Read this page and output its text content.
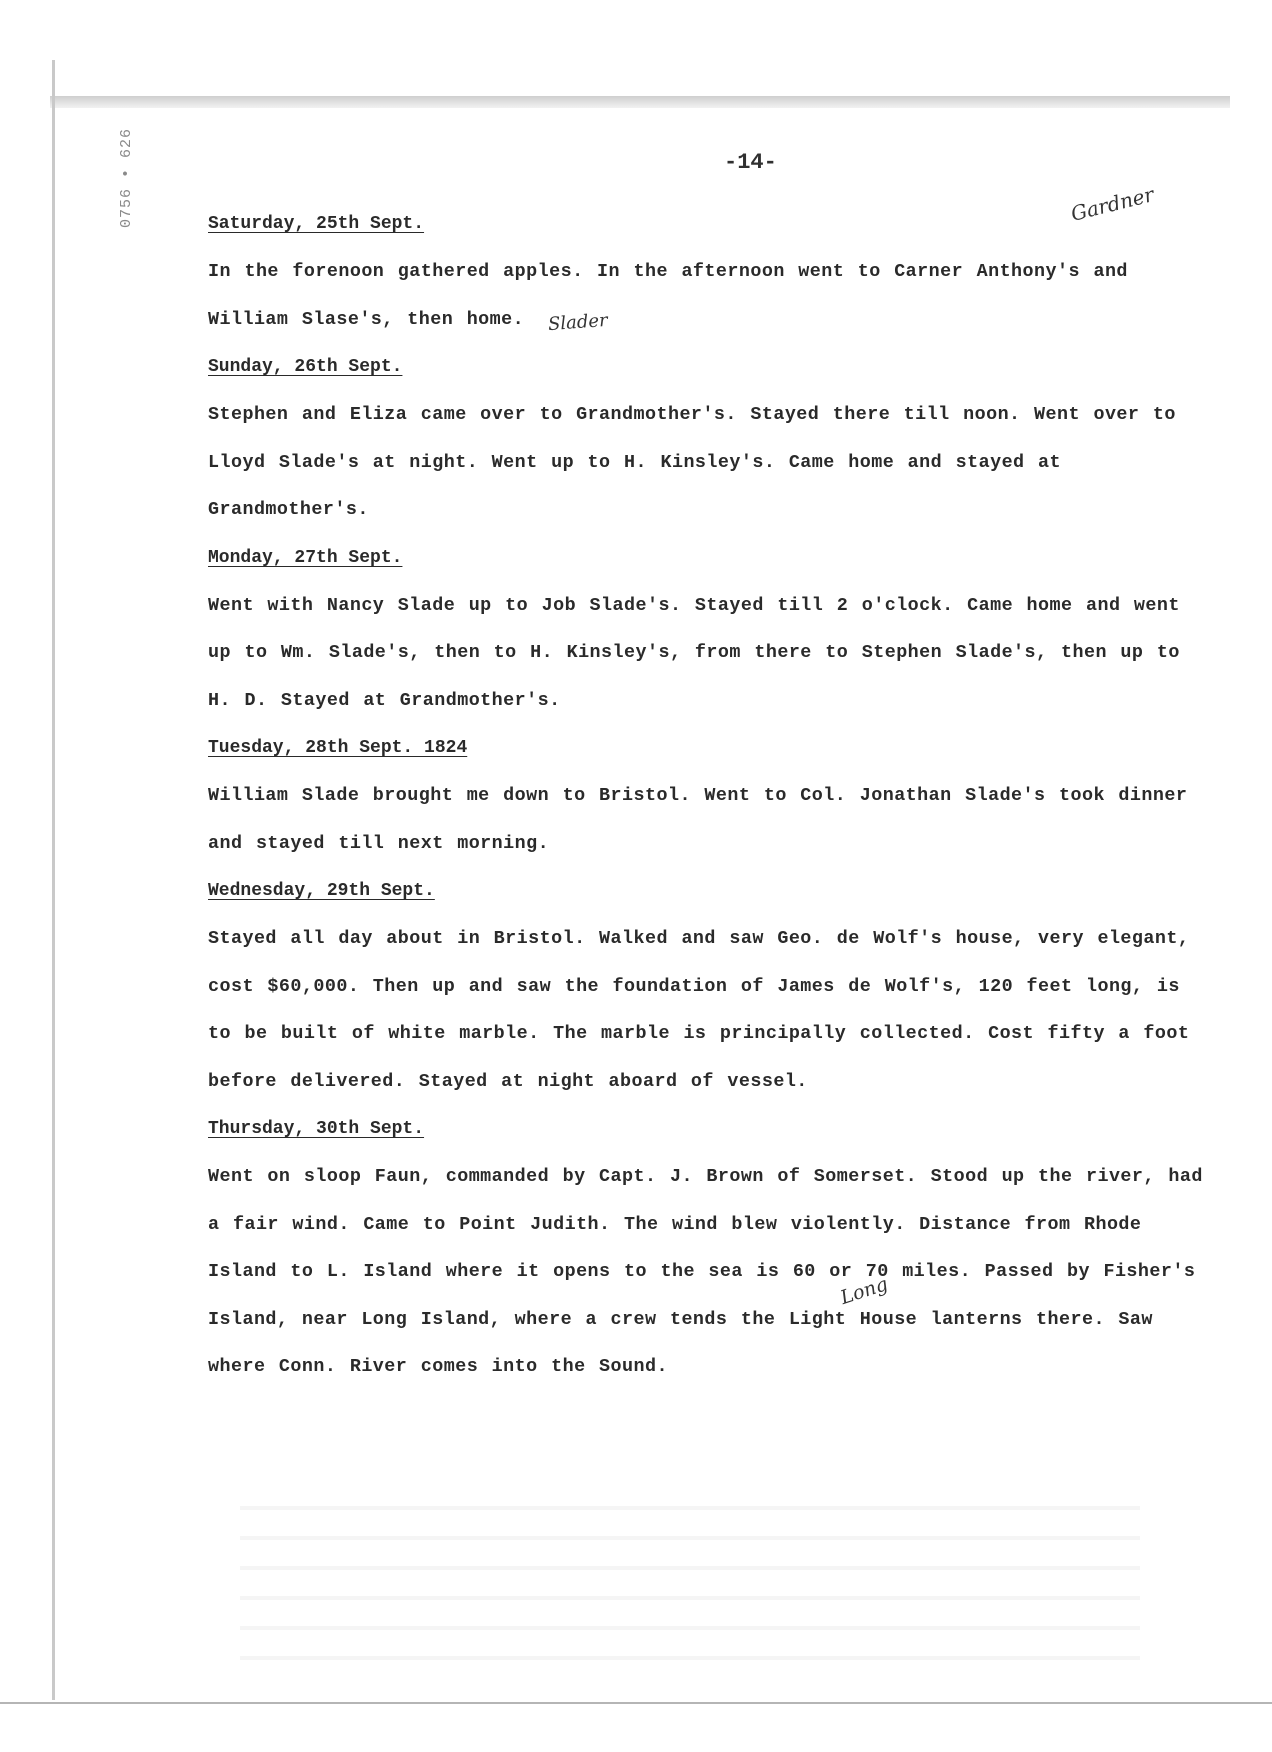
0756 • 626	-14-
Gardner
Slader
Long
Saturday, 25th Sept.

In the forenoon gathered apples. In the afternoon went to Carner Anthony's and William Slase's, then home.

Sunday, 26th Sept.

Stephen and Eliza came over to Grandmother's. Stayed there till noon. Went over to Lloyd Slade's at night. Went up to H. Kinsley's. Came home and stayed at Grandmother's.

Monday, 27th Sept.

Went with Nancy Slade up to Job Slade's. Stayed till 2 o'clock. Came home and went up to Wm. Slade's, then to H. Kinsley's, from there to Stephen Slade's, then up to H. D. Stayed at Grandmother's.

Tuesday, 28th Sept. 1824

William Slade brought me down to Bristol. Went to Col. Jonathan Slade's took dinner and stayed till next morning.

Wednesday, 29th Sept.

Stayed all day about in Bristol. Walked and saw Geo. de Wolf's house, very elegant, cost $60,000. Then up and saw the foundation of James de Wolf's, 120 feet long, is to be built of white marble. The marble is principally collected. Cost fifty a foot before delivered. Stayed at night aboard of vessel.

Thursday, 30th Sept.

Went on sloop Faun, commanded by Capt. J. Brown of Somerset. Stood up the river, had a fair wind. Came to Point Judith. The wind blew violently. Distance from Rhode Island to L. Island where it opens to the sea is 60 or 70 miles. Passed by Fisher's Island, near Long Island, where a crew tends the Light House lanterns there. Saw where Conn. River comes into the Sound.
